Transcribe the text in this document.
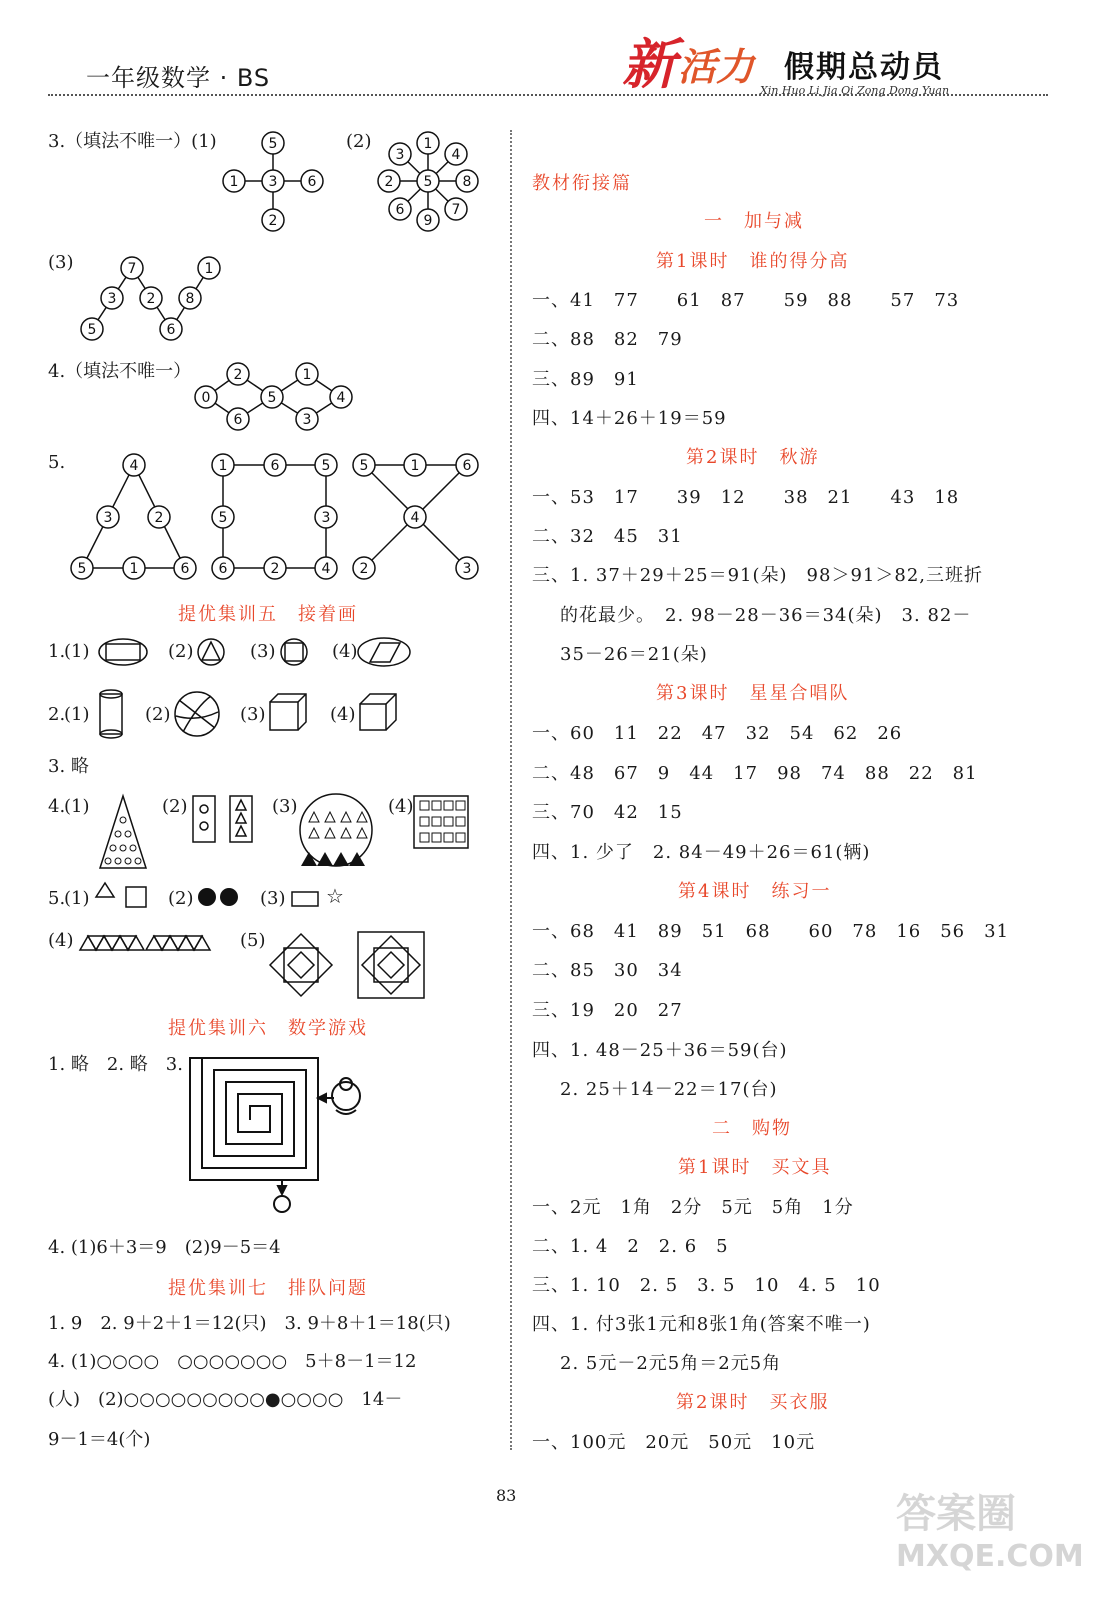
一年级数学 · BS	新 活力 假期总动员
Xin Huo Li Jia Qi Zong Dong Yuan
3.（填法不唯一）(1)	(2)
(3)
5
3
1	6
2
1
3	4
2 5 8
6	7
9
7	1
3 2 8
5	6
0
2
6
5
1
3
4
4
3	2
5	1	6
1	6	5
5	3
6	2	4
5	1	6
4
2	3
4.（填法不唯一）
5.
提优集训五　接着画
1.
(1)	(2)	(3)	(4)
2.
(1)	(2)	(3)	(4)
3. 略
4.
(1)	(2)	(3)	(4)
5.
(1)	(2)	(3)
(4)	(5)
☆
提优集训六　数学游戏
1. 略　2. 略　3.
4. (1)6＋3＝9　(2)9－5＝4
提优集训七　排队问题
1. 9　2. 9＋2＋1＝12(只)　3. 9＋8＋1＝18(只)
4. (1)○○○○　○○○○○○○　5＋8－1＝12
(人)　(2)○○○○○○○○○●○○○○　14－
9－1＝4(个)
教材衔接篇
一　加与减
第1课时　谁的得分高
一、41　77　　61　87　　59　88　　57　73
二、88　82　79
三、89　91
四、14＋26＋19＝59
第2课时　秋游
一、53　17　　39　12　　38　21　　43　18
二、32　45　31
三、1. 37＋29＋25＝91(朵)　98＞91＞82,三班折
的花最少。　2. 98－28－36＝34(朵)　3. 82－
35－26＝21(朵)
第3课时　星星合唱队
一、60　11　22　47　32　54　62　26
二、48　67　9　44　17　98　74　88　22　81
三、70　42　15
四、1. 少了　2. 84－49＋26＝61(辆)
第4课时　练习一
一、68　41　89　51　68　　60　78　16　56　31
二、85　30　34
三、19　20　27
四、1. 48－25＋36＝59(台)
2. 25＋14－22＝17(台)
二　购物
第1课时　买文具
一、2元　1角　2分　5元　5角　1分
二、1. 4　2　2. 6　5
三、1. 10　2. 5　3. 5　10　4. 5　10
四、1. 付3张1元和8张1角(答案不唯一)
2. 5元－2元5角＝2元5角
第2课时　买衣服
一、100元　20元　50元　10元
83	答案圈
MXQE.COM
